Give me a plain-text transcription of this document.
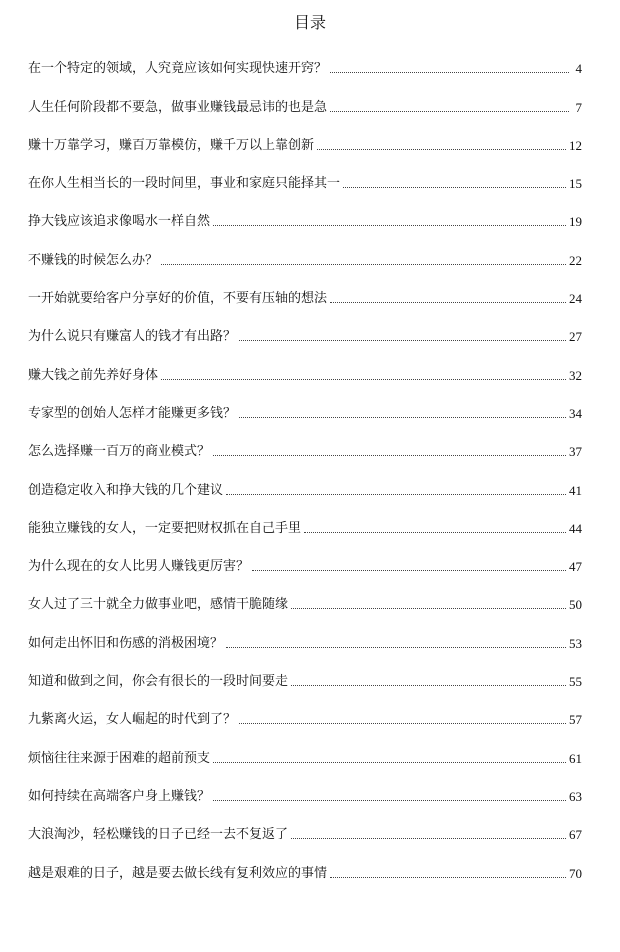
目录
在一个特定的领域，人究竟应该如何实现快速开窍？	4
人生任何阶段都不要急，做事业赚钱最忌讳的也是急	7
赚十万靠学习，赚百万靠模仿，赚千万以上靠创新	12
在你人生相当长的一段时间里，事业和家庭只能择其一	15
挣大钱应该追求像喝水一样自然	19
不赚钱的时候怎么办？	22
一开始就要给客户分享好的价值，不要有压轴的想法	24
为什么说只有赚富人的钱才有出路？	27
赚大钱之前先养好身体	32
专家型的创始人怎样才能赚更多钱？	34
怎么选择赚一百万的商业模式？	37
创造稳定收入和挣大钱的几个建议	41
能独立赚钱的女人，一定要把财权抓在自己手里	44
为什么现在的女人比男人赚钱更厉害？	47
女人过了三十就全力做事业吧，感情干脆随缘	50
如何走出怀旧和伤感的消极困境？	53
知道和做到之间，你会有很长的一段时间要走	55
九紫离火运，女人崛起的时代到了？	57
烦恼往往来源于困难的超前预支	61
如何持续在高端客户身上赚钱？	63
大浪淘沙，轻松赚钱的日子已经一去不复返了	67
越是艰难的日子，越是要去做长线有复利效应的事情	70
